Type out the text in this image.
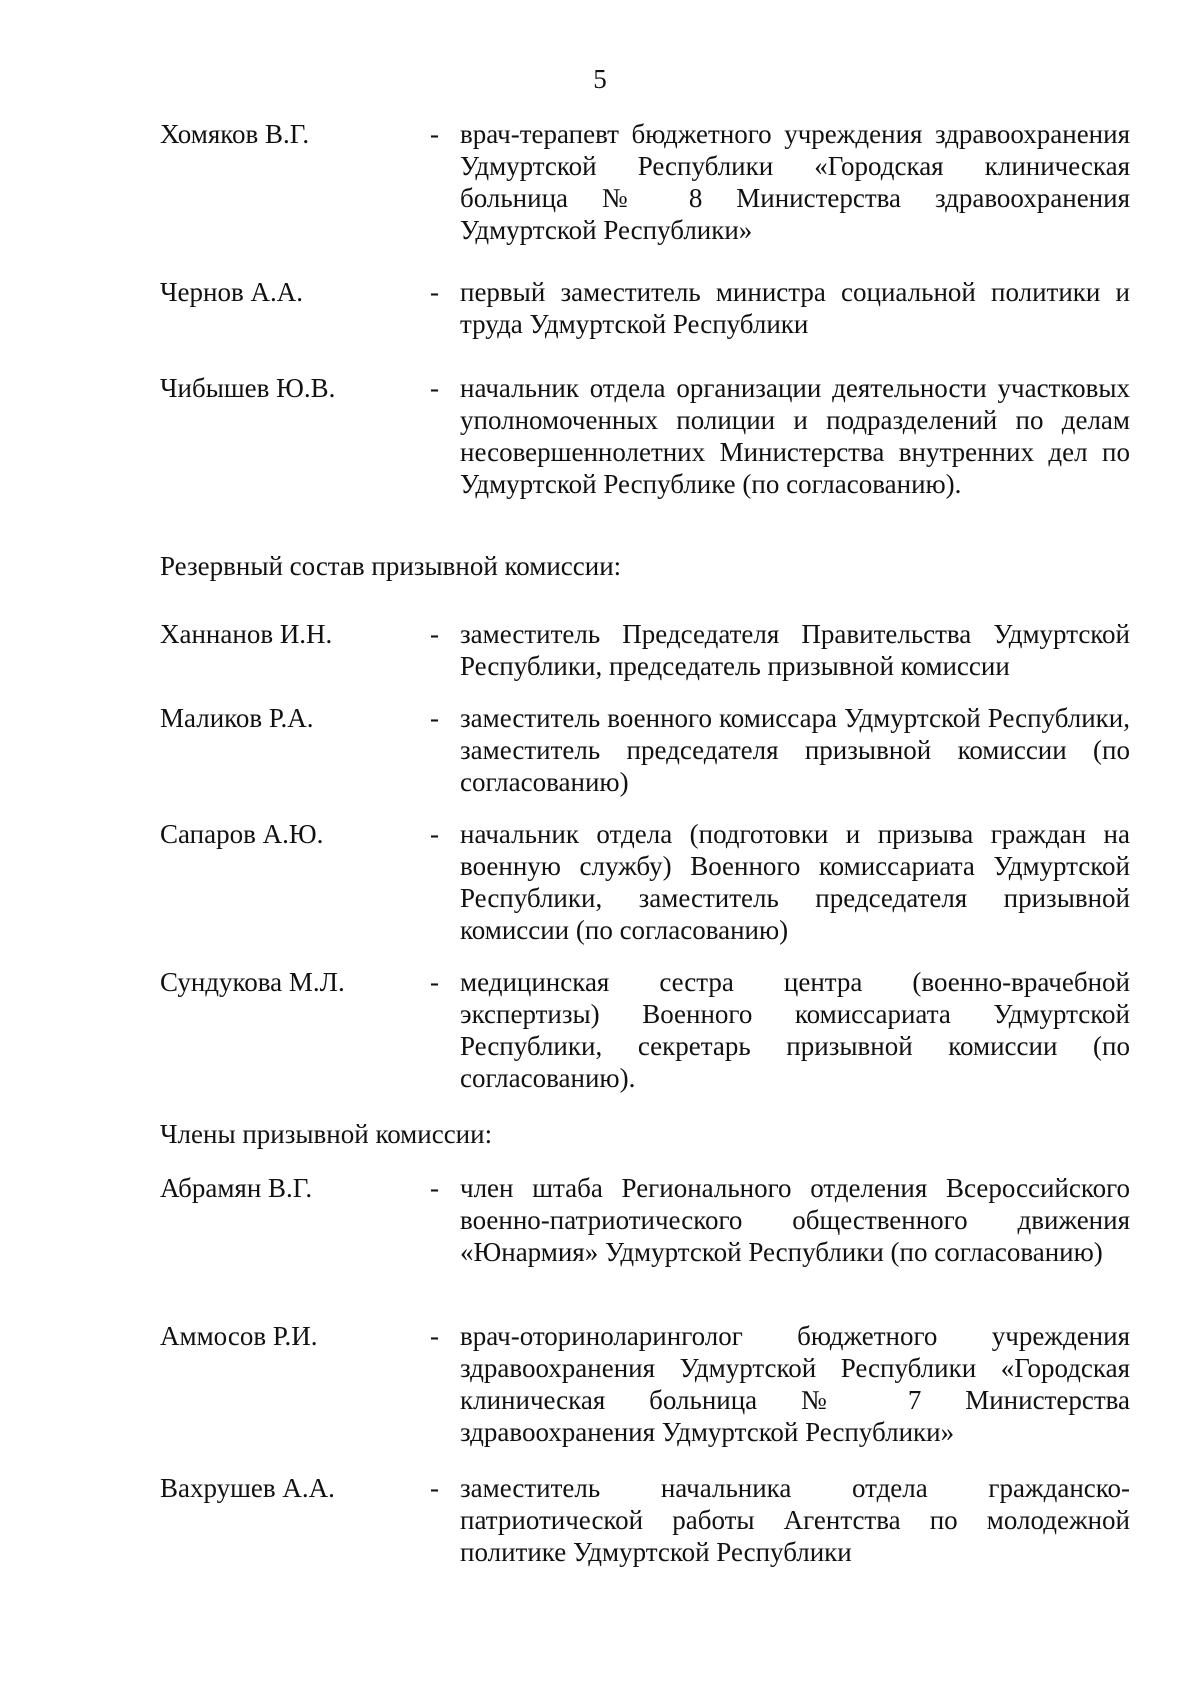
5
Хомяков В.Г.	- врач-терапевт бюджетного учреждения здравоохранения Удмуртской Республики «Городская клиническая больница № 8 Министерства здравоохранения Удмуртской Республики»
Чернов А.А.	- первый заместитель министра социальной политики и труда Удмуртской Республики
Чибышев Ю.В.	- начальник отдела организации деятельности участковых уполномоченных полиции и подразделений по делам несовершеннолетних Министерства внутренних дел по Удмуртской Республике (по согласованию).
Резервный состав призывной комиссии:
Ханнанов И.Н.	- заместитель Председателя Правительства Удмуртской Республики, председатель призывной комиссии
Маликов Р.А.	- заместитель военного комиссара Удмуртской Республики, заместитель председателя призывной комиссии (по согласованию)
Сапаров А.Ю.	- начальник отдела (подготовки и призыва граждан на военную службу) Военного комиссариата Удмуртской Республики, заместитель председателя призывной комиссии (по согласованию)
Сундукова М.Л.	- медицинская сестра центра (военно-врачебной экспертизы) Военного комиссариата Удмуртской Республики, секретарь призывной комиссии (по согласованию).
Члены призывной комиссии:
Абрамян В.Г.	- член штаба Регионального отделения Всероссийского военно-патриотического общественного движения «Юнармия» Удмуртской Республики (по согласованию)
Аммосов Р.И.	- врач-оториноларинголог бюджетного учреждения здравоохранения Удмуртской Республики «Городская клиническая больница № 7 Министерства здравоохранения Удмуртской Республики»
Вахрушев А.А.	- заместитель начальника отдела гражданско-патриотической работы Агентства по молодежной политике Удмуртской Республики
